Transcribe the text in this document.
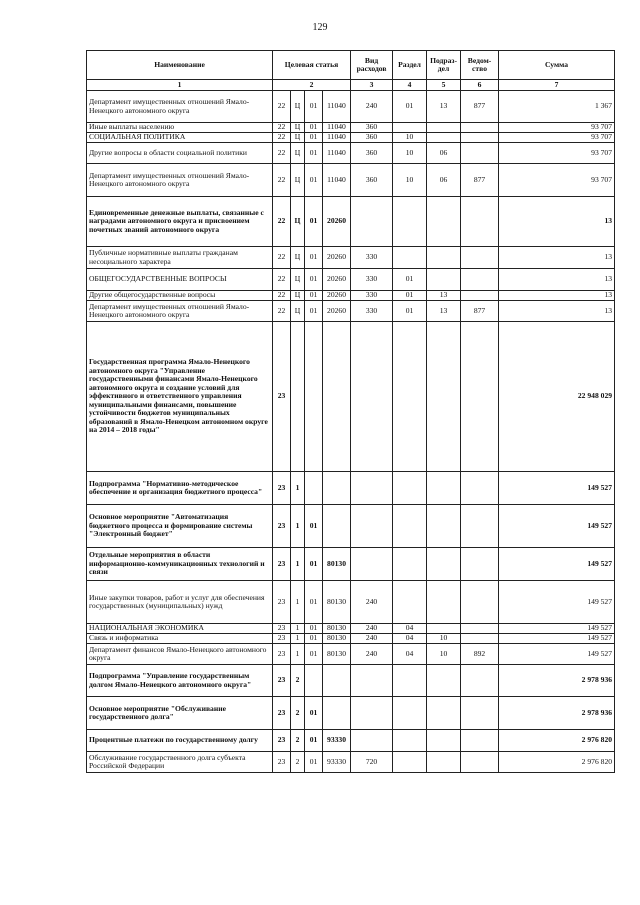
129
Наименование	Целевая статья				Вид расходов	Раздел	Подраз-дел	Ведом-ство	Сумма
1	2				3	4	5	6	7
Департамент имущественных отношений Ямало-Ненецкого автономного округа	22	Ц	01	11040	240	01	13	877	1 367
Иные выплаты населению	22	Ц	01	11040	360				93 707
СОЦИАЛЬНАЯ ПОЛИТИКА	22	Ц	01	11040	360	10			93 707
Другие вопросы в области социальной политики	22	Ц	01	11040	360	10	06		93 707
Департамент имущественных отношений Ямало-Ненецкого автономного округа	22	Ц	01	11040	360	10	06	877	93 707
Единовременные денежные выплаты, связанные с наградами автономного округа и присвоением почетных званий автономного округа	22	Ц	01	20260					13
Публичные нормативные выплаты гражданам несоциального характера	22	Ц	01	20260	330				13
ОБЩЕГОСУДАРСТВЕННЫЕ ВОПРОСЫ	22	Ц	01	20260	330	01			13
Другие общегосударственные вопросы	22	Ц	01	20260	330	01	13		13
Департамент имущественных отношений Ямало-Ненецкого автономного округа	22	Ц	01	20260	330	01	13	877	13
Государственная программа Ямало-Ненецкого автономного округа "Управление государственными финансами Ямало-Ненецкого автономного округа и создание условий для эффективного и ответственного управления муниципальными финансами, повышение устойчивости бюджетов муниципальных образований в Ямало-Ненецком автономном округе на 2014 – 2018 годы"	23								22 948 029
Подпрограмма "Нормативно-методическое обеспечение и организация бюджетного процесса"	23	1							149 527
Основное мероприятие "Автоматизация бюджетного процесса и формирование системы "Электронный бюджет"	23	1	01						149 527
Отдельные мероприятия в области информационно-коммуникационных технологий и связи	23	1	01	80130					149 527
Иные закупки товаров, работ и услуг для обеспечения государственных (муниципальных) нужд	23	1	01	80130	240				149 527
НАЦИОНАЛЬНАЯ ЭКОНОМИКА	23	1	01	80130	240	04			149 527
Связь и информатика	23	1	01	80130	240	04	10		149 527
Департамент финансов Ямало-Ненецкого автономного округа	23	1	01	80130	240	04	10	892	149 527
Подпрограмма "Управление государственным долгом Ямало-Ненецкого автономного округа"	23	2							2 978 936
Основное мероприятие "Обслуживание государственного долга"	23	2	01						2 978 936
Процентные платежи по государственному долгу	23	2	01	93330					2 976 820
Обслуживание государственного долга субъекта Российской Федерации	23	2	01	93330	720				2 976 820
